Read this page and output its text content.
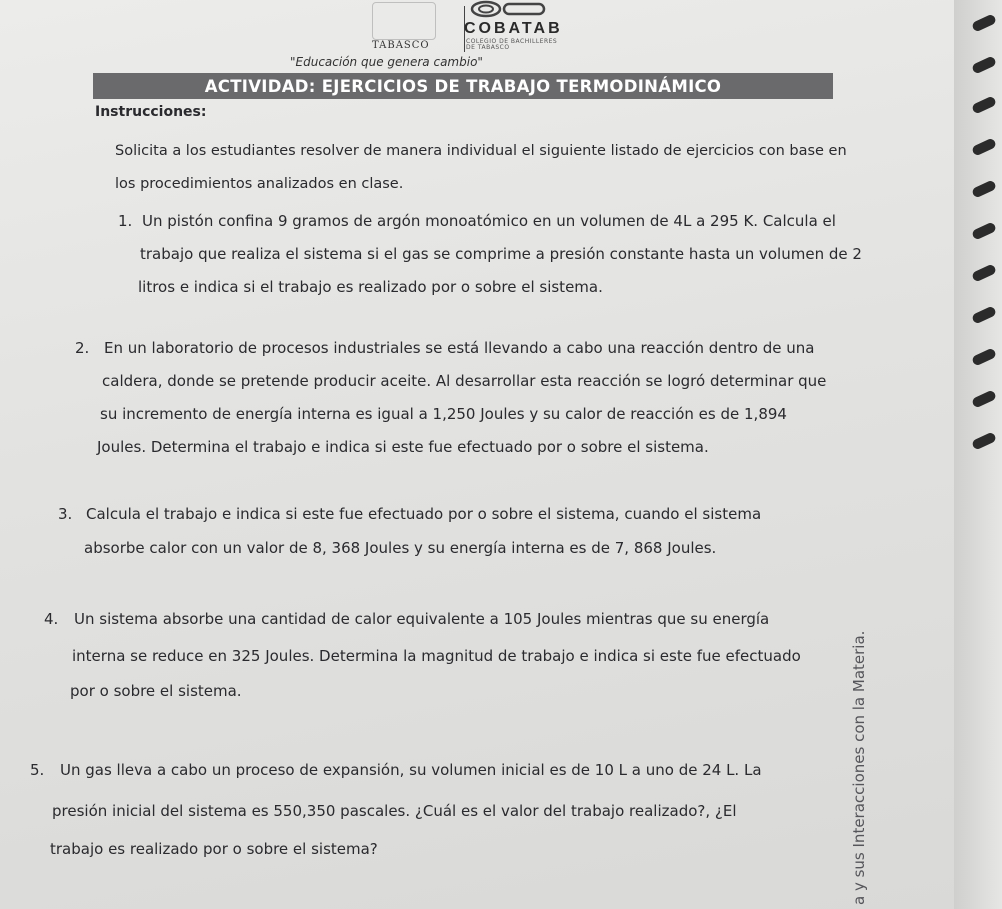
TABASCO
COBATAB
COLEGIO DE BACHILLERES
DE TABASCO
"Educación que genera cambio"
ACTIVIDAD: EJERCICIOS DE TRABAJO TERMODINÁMICO
Instrucciones:
Solicita a los estudiantes resolver de manera individual el siguiente listado de ejercicios con base en
los procedimientos analizados en clase.
1. Un pistón confina 9 gramos de argón monoatómico en un volumen de 4L a 295 K. Calcula el
trabajo que realiza el sistema si el gas se comprime a presión constante hasta un volumen de 2
litros e indica si el trabajo es realizado por o sobre el sistema.
2. En un laboratorio de procesos industriales se está llevando a cabo una reacción dentro de una
caldera, donde se pretende producir aceite. Al desarrollar esta reacción se logró determinar que
su incremento de energía interna es igual a 1,250 Joules y su calor de reacción es de 1,894
Joules. Determina el trabajo e indica si este fue efectuado por o sobre el sistema.
3. Calcula el trabajo e indica si este fue efectuado por o sobre el sistema, cuando el sistema
absorbe calor con un valor de 8, 368 Joules y su energía interna es de 7, 868 Joules.
4. Un sistema absorbe una cantidad de calor equivalente a 105 Joules mientras que su energía
interna se reduce en 325 Joules. Determina la magnitud de trabajo e indica si este fue efectuado
por o sobre el sistema.
5. Un gas lleva a cabo un proceso de expansión, su volumen inicial es de 10 L a uno de 24 L. La
presión inicial del sistema es 550,350 pascales. ¿Cuál es el valor del trabajo realizado?, ¿El
trabajo es realizado por o sobre el sistema?	a y sus Interacciones con la Materia.
